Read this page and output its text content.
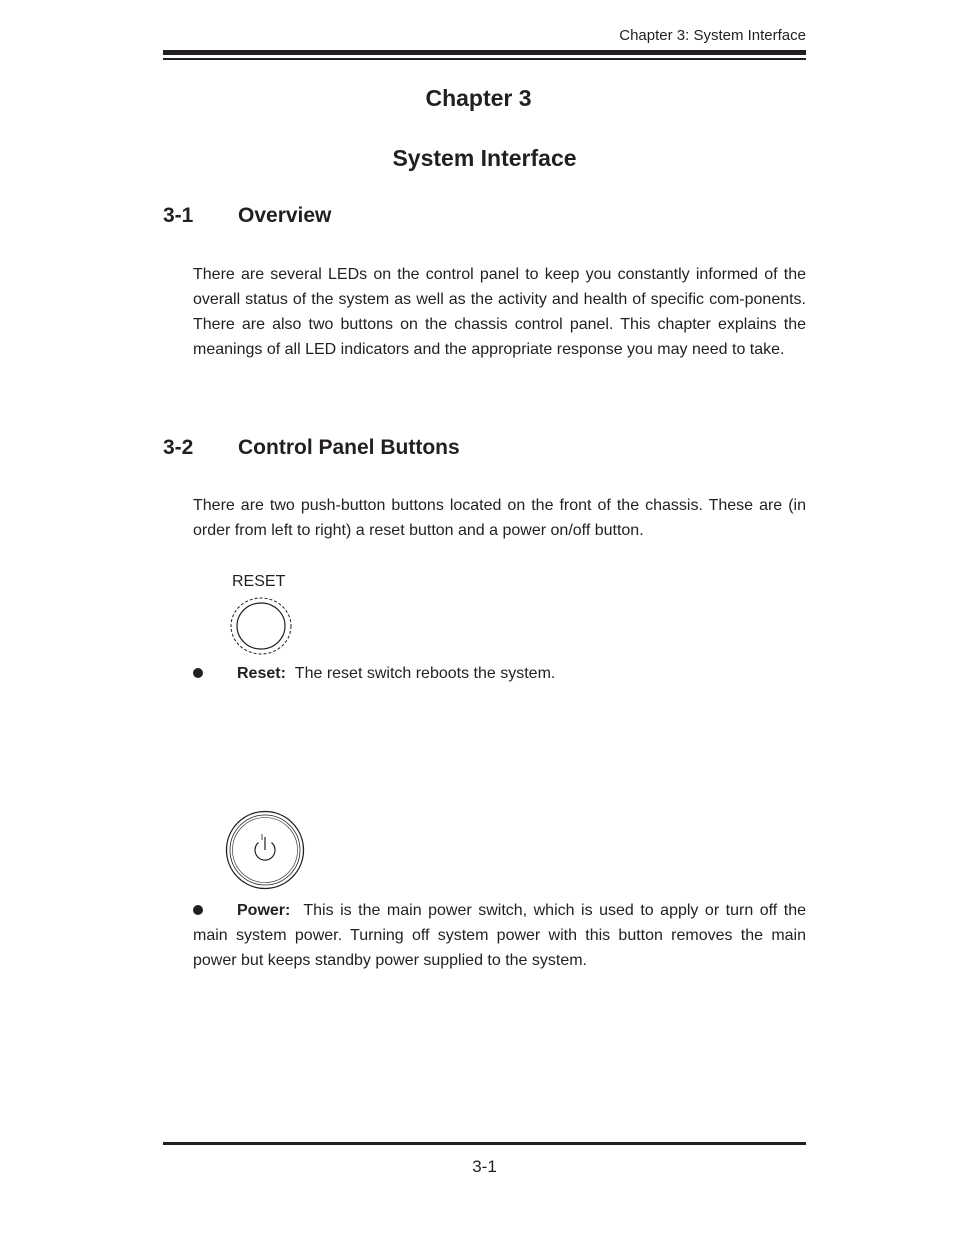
Chapter 3: System Interface
Chapter 3
System Interface
3-1 Overview

There are several LEDs on the control panel to keep you constantly informed of the overall status of the system as well as the activity and health of specific com-ponents. There are also two buttons on the chassis control panel. This chapter explains the meanings of all LED indicators and the appropriate response you may need to take.

3-2 Control Panel Buttons

There are two push-button buttons located on the front of the chassis. These are (in order from left to right) a reset button and a power on/off button.

RESET
Reset: The reset switch reboots the system.

Power: This is the main power switch, which is used to apply or turn off the main system power. Turning off system power with this button removes the main power but keeps standby power supplied to the system.

3-1
